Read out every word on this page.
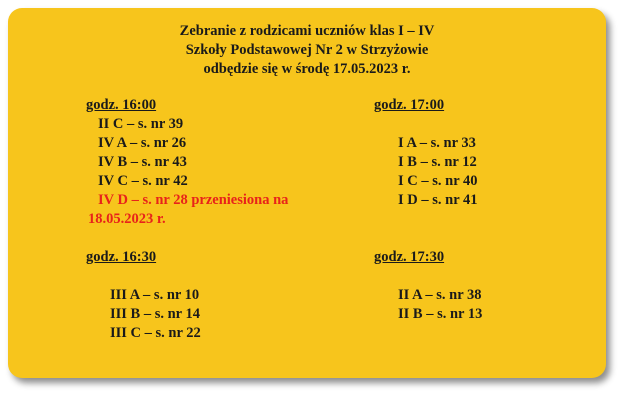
Zebranie z rodzicami uczniów klas I – IV
Szkoły Podstawowej Nr 2 w Strzyżowie
odbędzie się w środę 17.05.2023 r.
godz. 16:00
II C – s. nr 39
IV A – s. nr 26
IV B – s. nr 43
IV C – s. nr 42
IV D – s. nr 28 przeniesiona na
18.05.2023 r.
godz. 17:00
I A – s. nr 33
I B – s. nr 12
I C – s. nr 40
I D – s. nr 41
godz. 16:30
III A – s. nr 10
III B – s. nr 14
III C – s. nr 22
godz. 17:30
II A – s. nr 38
II B – s. nr 13
